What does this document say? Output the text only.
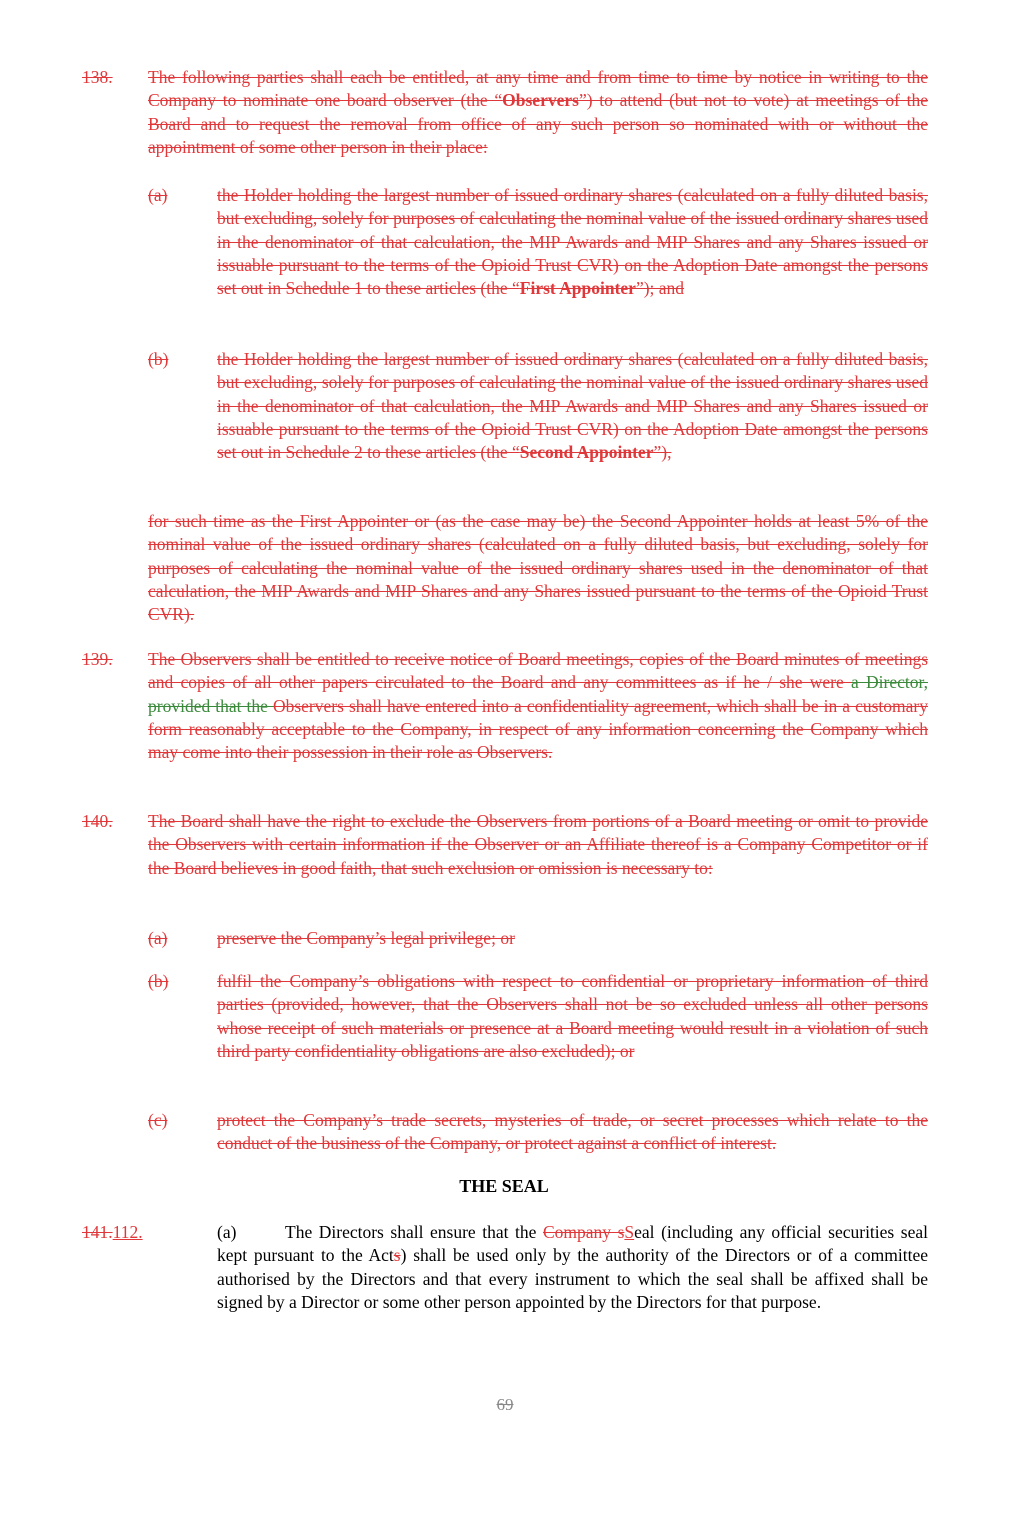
138. The following parties shall each be entitled, at any time and from time to time by notice in writing to the Company to nominate one board observer (the “Observers”) to attend (but not to vote) at meetings of the Board and to request the removal from office of any such person so nominated with or without the appointment of some other person in their place:
(a)	the Holder holding the largest number of issued ordinary shares (calculated on a fully diluted basis, but excluding, solely for purposes of calculating the nominal value of the issued ordinary shares used in the denominator of that calculation, the MIP Awards and MIP Shares and any Shares issued or issuable pursuant to the terms of the Opioid Trust CVR) on the Adoption Date amongst the persons set out in Schedule 1 to these articles (the “First Appointer”); and
(b)	the Holder holding the largest number of issued ordinary shares (calculated on a fully diluted basis, but excluding, solely for purposes of calculating the nominal value of the issued ordinary shares used in the denominator of that calculation, the MIP Awards and MIP Shares and any Shares issued or issuable pursuant to the terms of the Opioid Trust CVR) on the Adoption Date amongst the persons set out in Schedule 2 to these articles (the “Second Appointer”),
for such time as the First Appointer or (as the case may be) the Second Appointer holds at least 5% of the nominal value of the issued ordinary shares (calculated on a fully diluted basis, but excluding, solely for purposes of calculating the nominal value of the issued ordinary shares used in the denominator of that calculation, the MIP Awards and MIP Shares and any Shares issued pursuant to the terms of the Opioid Trust CVR).
139. The Observers shall be entitled to receive notice of Board meetings, copies of the Board minutes of meetings and copies of all other papers circulated to the Board and any committees as if he / she were a Director, provided that the Observers shall have entered into a confidentiality agreement, which shall be in a customary form reasonably acceptable to the Company, in respect of any information concerning the Company which may come into their possession in their role as Observers.
140. The Board shall have the right to exclude the Observers from portions of a Board meeting or omit to provide the Observers with certain information if the Observer or an Affiliate thereof is a Company Competitor or if the Board believes in good faith, that such exclusion or omission is necessary to:
(a)	preserve the Company’s legal privilege; or
(b)	fulfil the Company’s obligations with respect to confidential or proprietary information of third parties (provided, however, that the Observers shall not be so excluded unless all other persons whose receipt of such materials or presence at a Board meeting would result in a violation of such third party confidentiality obligations are also excluded); or
(c)	protect the Company’s trade secrets, mysteries of trade, or secret processes which relate to the conduct of the business of the Company, or protect against a conflict of interest.
THE SEAL
141.112.	(a)	The Directors shall ensure that the Company sSeal (including any official securities seal kept pursuant to the Acts) shall be used only by the authority of the Directors or of a committee authorised by the Directors and that every instrument to which the seal shall be affixed shall be signed by a Director or some other person appointed by the Directors for that purpose.
69
